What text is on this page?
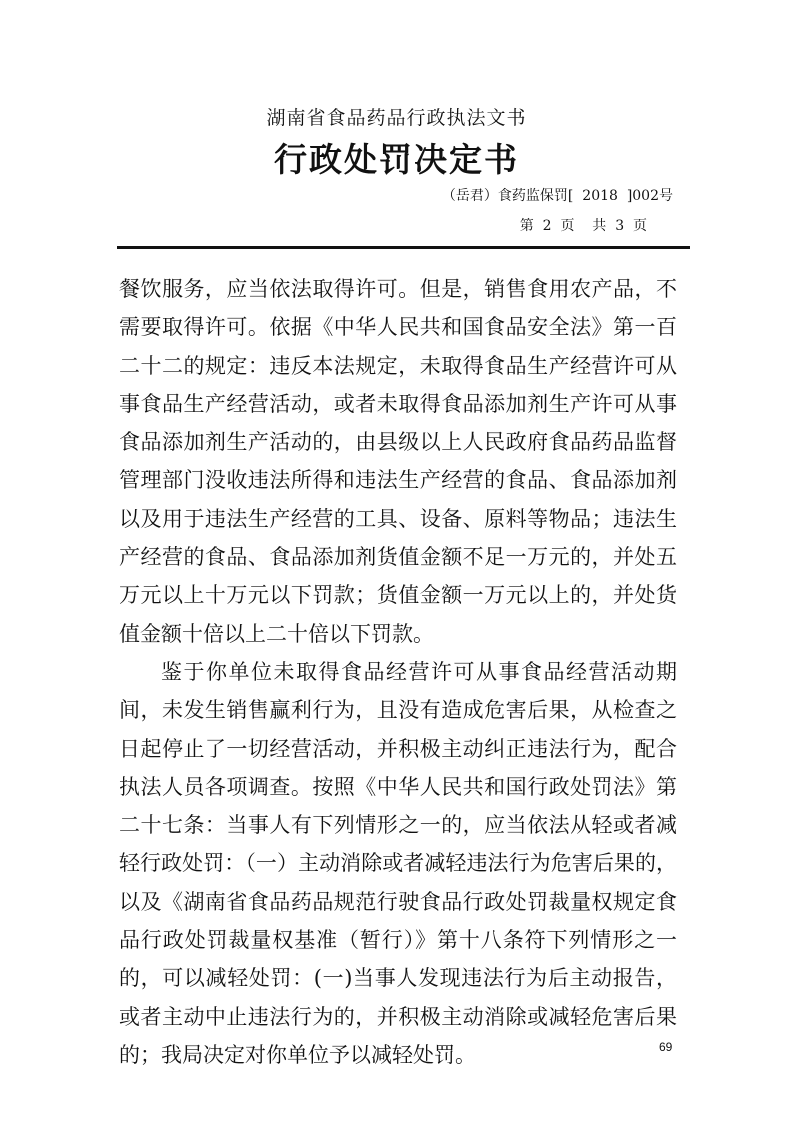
湖南省食品药品行政执法文书
行政处罚决定书
（岳君）食药监保罚[  2018  ]002号
第  2  页    共  3  页
餐饮服务，应当依法取得许可。但是，销售食用农产品，不
需要取得许可。依据《中华人民共和国食品安全法》第一百
二十二的规定：违反本法规定，未取得食品生产经营许可从
事食品生产经营活动，或者未取得食品添加剂生产许可从事
食品添加剂生产活动的，由县级以上人民政府食品药品监督
管理部门没收违法所得和违法生产经营的食品、食品添加剂
以及用于违法生产经营的工具、设备、原料等物品；违法生
产经营的食品、食品添加剂货值金额不足一万元的，并处五
万元以上十万元以下罚款；货值金额一万元以上的，并处货
值金额十倍以上二十倍以下罚款。
鉴于你单位未取得食品经营许可从事食品经营活动期
间，未发生销售赢利行为，且没有造成危害后果，从检查之
日起停止了一切经营活动，并积极主动纠正违法行为，配合
执法人员各项调查。按照《中华人民共和国行政处罚法》第
二十七条：当事人有下列情形之一的，应当依法从轻或者减
轻行政处罚：（一）主动消除或者减轻违法行为危害后果的，
以及《湖南省食品药品规范行驶食品行政处罚裁量权规定食
品行政处罚裁量权基准（暂行）》第十八条符下列情形之一
的，可以减轻处罚：(一)当事人发现违法行为后主动报告，
或者主动中止违法行为的，并积极主动消除或减轻危害后果
的；我局决定对你单位予以减轻处罚。	69
